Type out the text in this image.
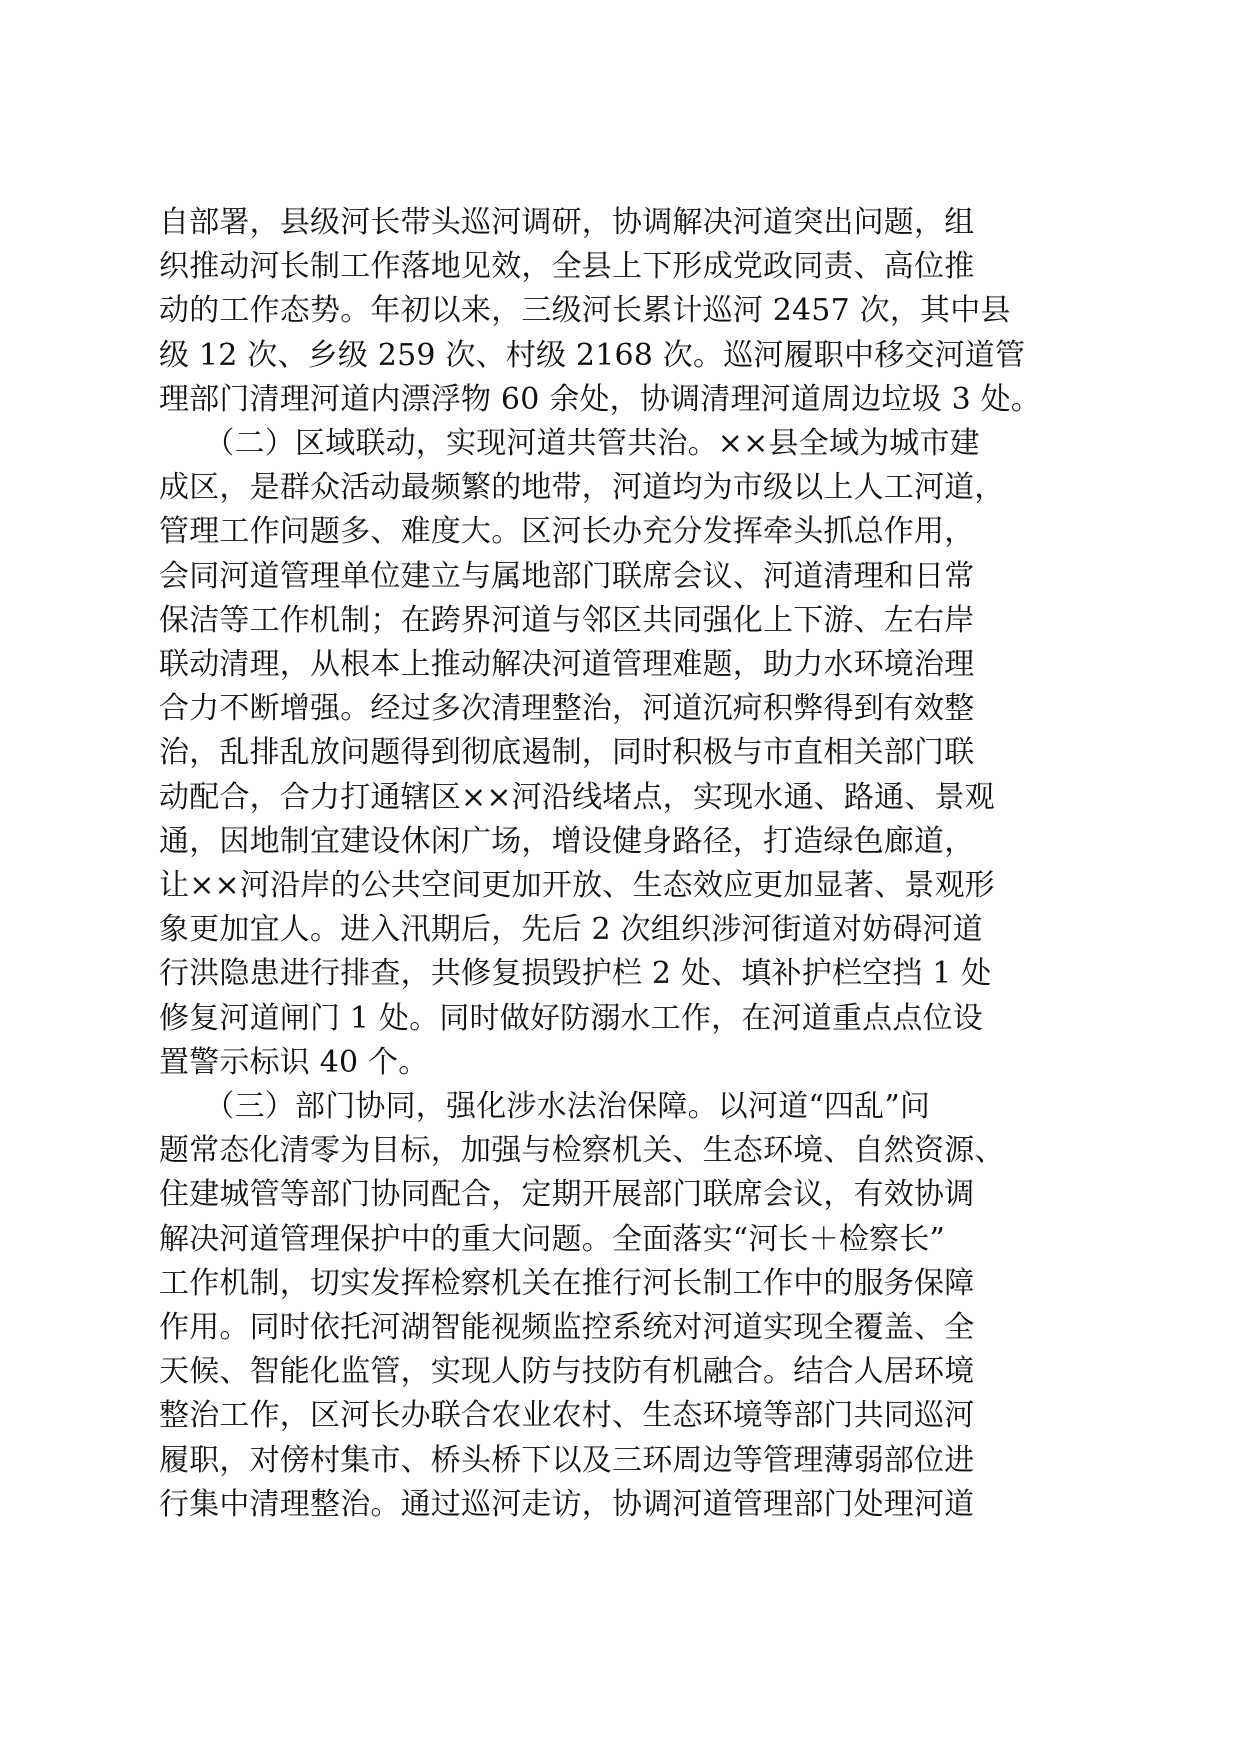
自部署，县级河长带头巡河调研，协调解决河道突出问题，组

织推动河长制工作落地见效，全县上下形成党政同责、高位推

动的工作态势。年初以来，三级河长累计巡河 2457 次，其中县

级 12 次、乡级 259 次、村级 2168 次。巡河履职中移交河道管

理部门清理河道内漂浮物 60 余处，协调清理河道周边垃圾 3 处。

　　（二）区域联动，实现河道共管共治。××县全域为城市建

成区，是群众活动最频繁的地带，河道均为市级以上人工河道，

管理工作问题多、难度大。区河长办充分发挥牵头抓总作用，

会同河道管理单位建立与属地部门联席会议、河道清理和日常

保洁等工作机制；在跨界河道与邻区共同强化上下游、左右岸

联动清理，从根本上推动解决河道管理难题，助力水环境治理

合力不断增强。经过多次清理整治，河道沉疴积弊得到有效整

治，乱排乱放问题得到彻底遏制，同时积极与市直相关部门联

动配合，合力打通辖区××河沿线堵点，实现水通、路通、景观

通，因地制宜建设休闲广场，增设健身路径，打造绿色廊道，

让××河沿岸的公共空间更加开放、生态效应更加显著、景观形

象更加宜人。进入汛期后，先后 2 次组织涉河街道对妨碍河道

行洪隐患进行排查，共修复损毁护栏 2 处、填补护栏空挡 1 处

修复河道闸门 1 处。同时做好防溺水工作，在河道重点点位设

置警示标识 40 个。

　　（三）部门协同，强化涉水法治保障。以河道“四乱”问

题常态化清零为目标，加强与检察机关、生态环境、自然资源、

住建城管等部门协同配合，定期开展部门联席会议，有效协调

解决河道管理保护中的重大问题。全面落实“河长＋检察长”

工作机制，切实发挥检察机关在推行河长制工作中的服务保障

作用。同时依托河湖智能视频监控系统对河道实现全覆盖、全

天候、智能化监管，实现人防与技防有机融合。结合人居环境

整治工作，区河长办联合农业农村、生态环境等部门共同巡河

履职，对傍村集市、桥头桥下以及三环周边等管理薄弱部位进

行集中清理整治。通过巡河走访，协调河道管理部门处理河道
